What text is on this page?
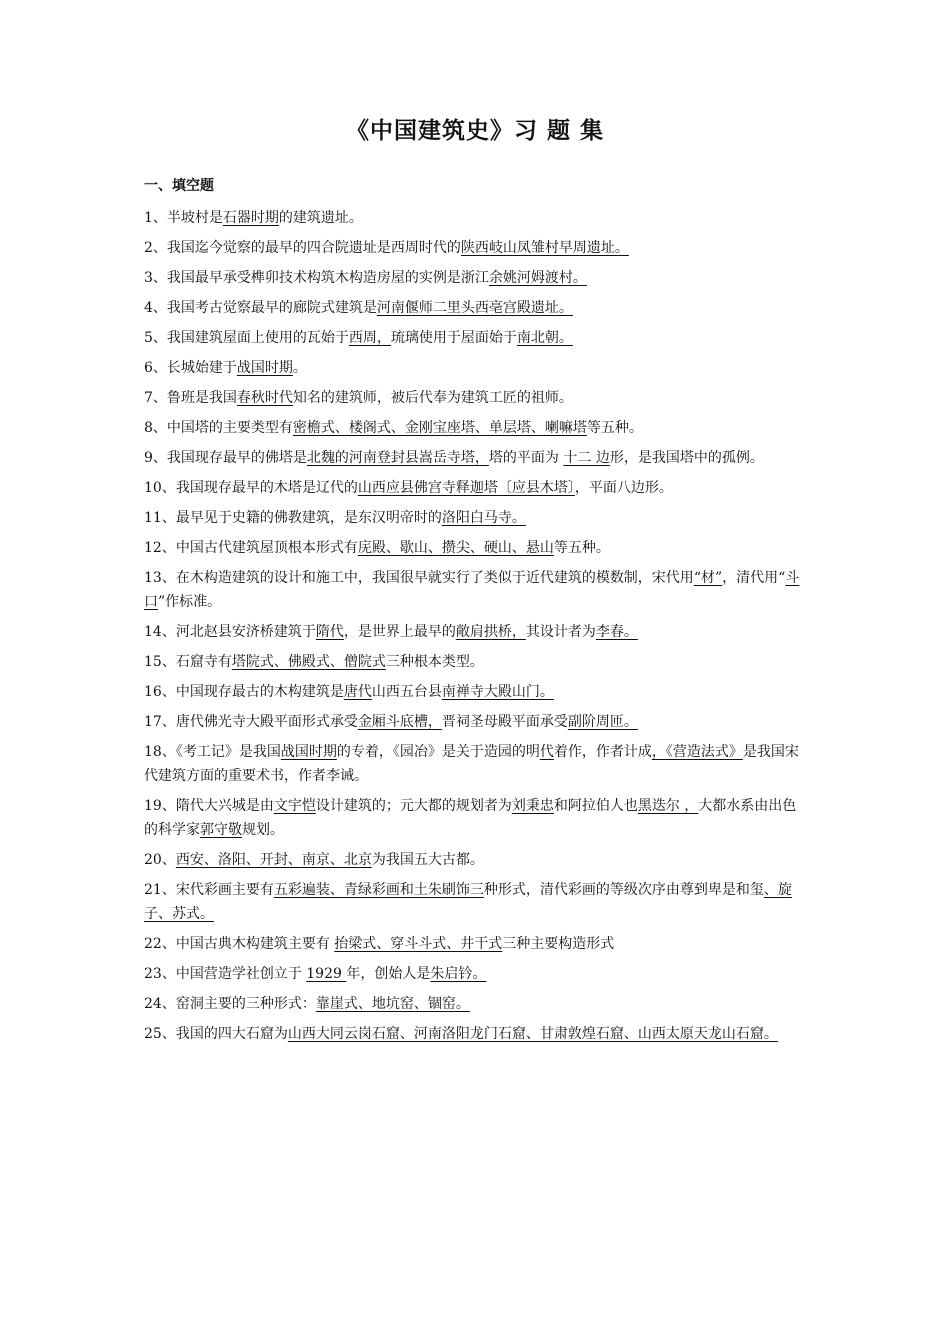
《中国建筑史》习 题 集

一、填空题

1、半坡村是石器时期的建筑遗址。

2、我国迄今觉察的最早的四合院遗址是西周时代的陕西岐山凤雏村早周遗址。

3、我国最早承受榫卯技术构筑木构造房屋的实例是浙江余姚河姆渡村。

4、我国考古觉察最早的廊院式建筑是河南偃师二里头西亳宫殿遗址。

5、我国建筑屋面上使用的瓦始于西周，琉璃使用于屋面始于南北朝。

6、长城始建于战国时期。

7、鲁班是我国春秋时代知名的建筑师，被后代奉为建筑工匠的祖师。

8、中国塔的主要类型有密檐式、楼阁式、金刚宝座塔、单层塔、喇嘛塔等五种。

9、我国现存最早的佛塔是北魏的河南登封县嵩岳寺塔，塔的平面为 十二 边形，是我国塔中的孤例。

10、我国现存最早的木塔是辽代的山西应县佛宫寺释迦塔〔应县木塔〕，平面八边形。

11、最早见于史籍的佛教建筑，是东汉明帝时的洛阳白马寺。

12、中国古代建筑屋顶根本形式有庑殿、歇山、攒尖、硬山、悬山等五种。

13、在木构造建筑的设计和施工中，我国很早就实行了类似于近代建筑的模数制，宋代用“材”，清代用“斗口”作标准。

14、河北赵县安济桥建筑于隋代，是世界上最早的敞肩拱桥，其设计者为李春。

15、石窟寺有塔院式、佛殿式、僧院式三种根本类型。

16、中国现存最古的木构建筑是唐代山西五台县南禅寺大殿山门。

17、唐代佛光寺大殿平面形式承受金厢斗底槽，晋祠圣母殿平面承受副阶周匝。

18、《考工记》是我国战国时期的专着，《园冶》是关于造园的明代着作，作者计成，《营造法式》是我国宋代建筑方面的重要术书，作者李诫。

19、隋代大兴城是由文宇恺设计建筑的；元大都的规划者为刘秉忠和阿拉伯人也黑迭尔 ，大都水系由出色的科学家郭守敬规划。

20、西安、洛阳、开封、南京、北京为我国五大古都。

21、宋代彩画主要有五彩遍装、青绿彩画和土朱刷饰三种形式，清代彩画的等级次序由尊到卑是和玺、旋子、苏式。

22、中国古典木构建筑主要有 抬梁式、穿斗斗式、井干式三种主要构造形式

23、中国营造学社创立于 1929 年，创始人是朱启钤。

24、窑洞主要的三种形式：靠崖式、地坑窑、锢窑。

25、我国的四大石窟为山西大同云岗石窟、河南洛阳龙门石窟、甘肃敦煌石窟、山西太原天龙山石窟。
